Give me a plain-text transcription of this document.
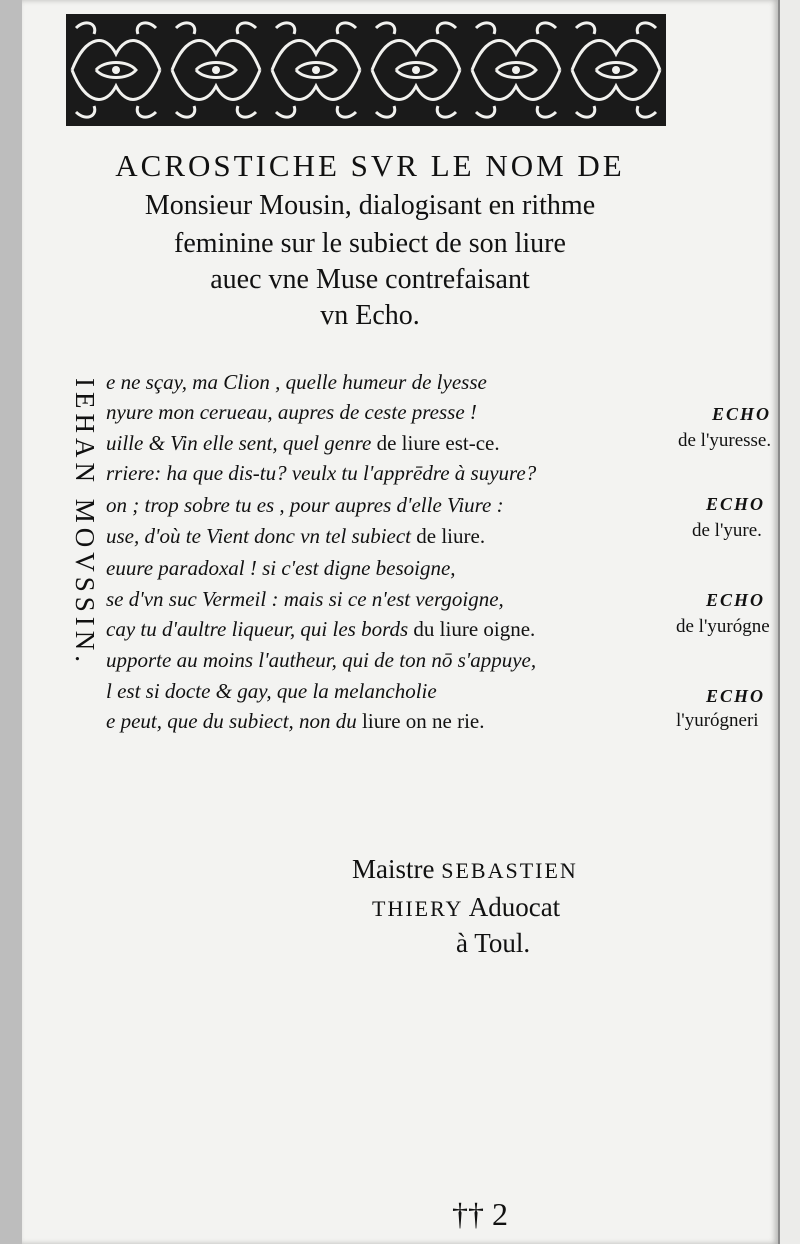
ACROSTICHE SVR LE NOM DE
Monsieur Mousin, dialogisant en rithme
feminine sur le subiect de son liure
auec vne Muse contrefaisant
vn Echo.
IEHAN MOVSSIN. e ne sçay, ma Clion , quelle humeur de lyesse
nyure mon cerueau, aupres de ceste presse !
uille & Vin elle sent, quel genre de liure est-ce.
rriere: ha que dis-tu? veulx tu l'apprēdre à suyure?
on ; trop sobre tu es , pour aupres d'elle Viure :
use, d'où te Vient donc vn tel subiect de liure.
euure paradoxal ! si c'est digne besoigne,
se d'vn suc Vermeil : mais si ce n'est vergoigne,
cay tu d'aultre liqueur, qui les bords du liure oigne.
upporte au moins l'autheur, qui de ton nō s'appuye,
l est si docte & gay, que la melancholie
e peut, que du subiect, non du liure on ne rie.
ECHO
de l'yuresse.
ECHO
de l'yure.
ECHO
de l'yurógne
ECHO
l'yurógneri
Maistre SEBASTIEN
THIERY Aduocat
à Toul.
†† 2
